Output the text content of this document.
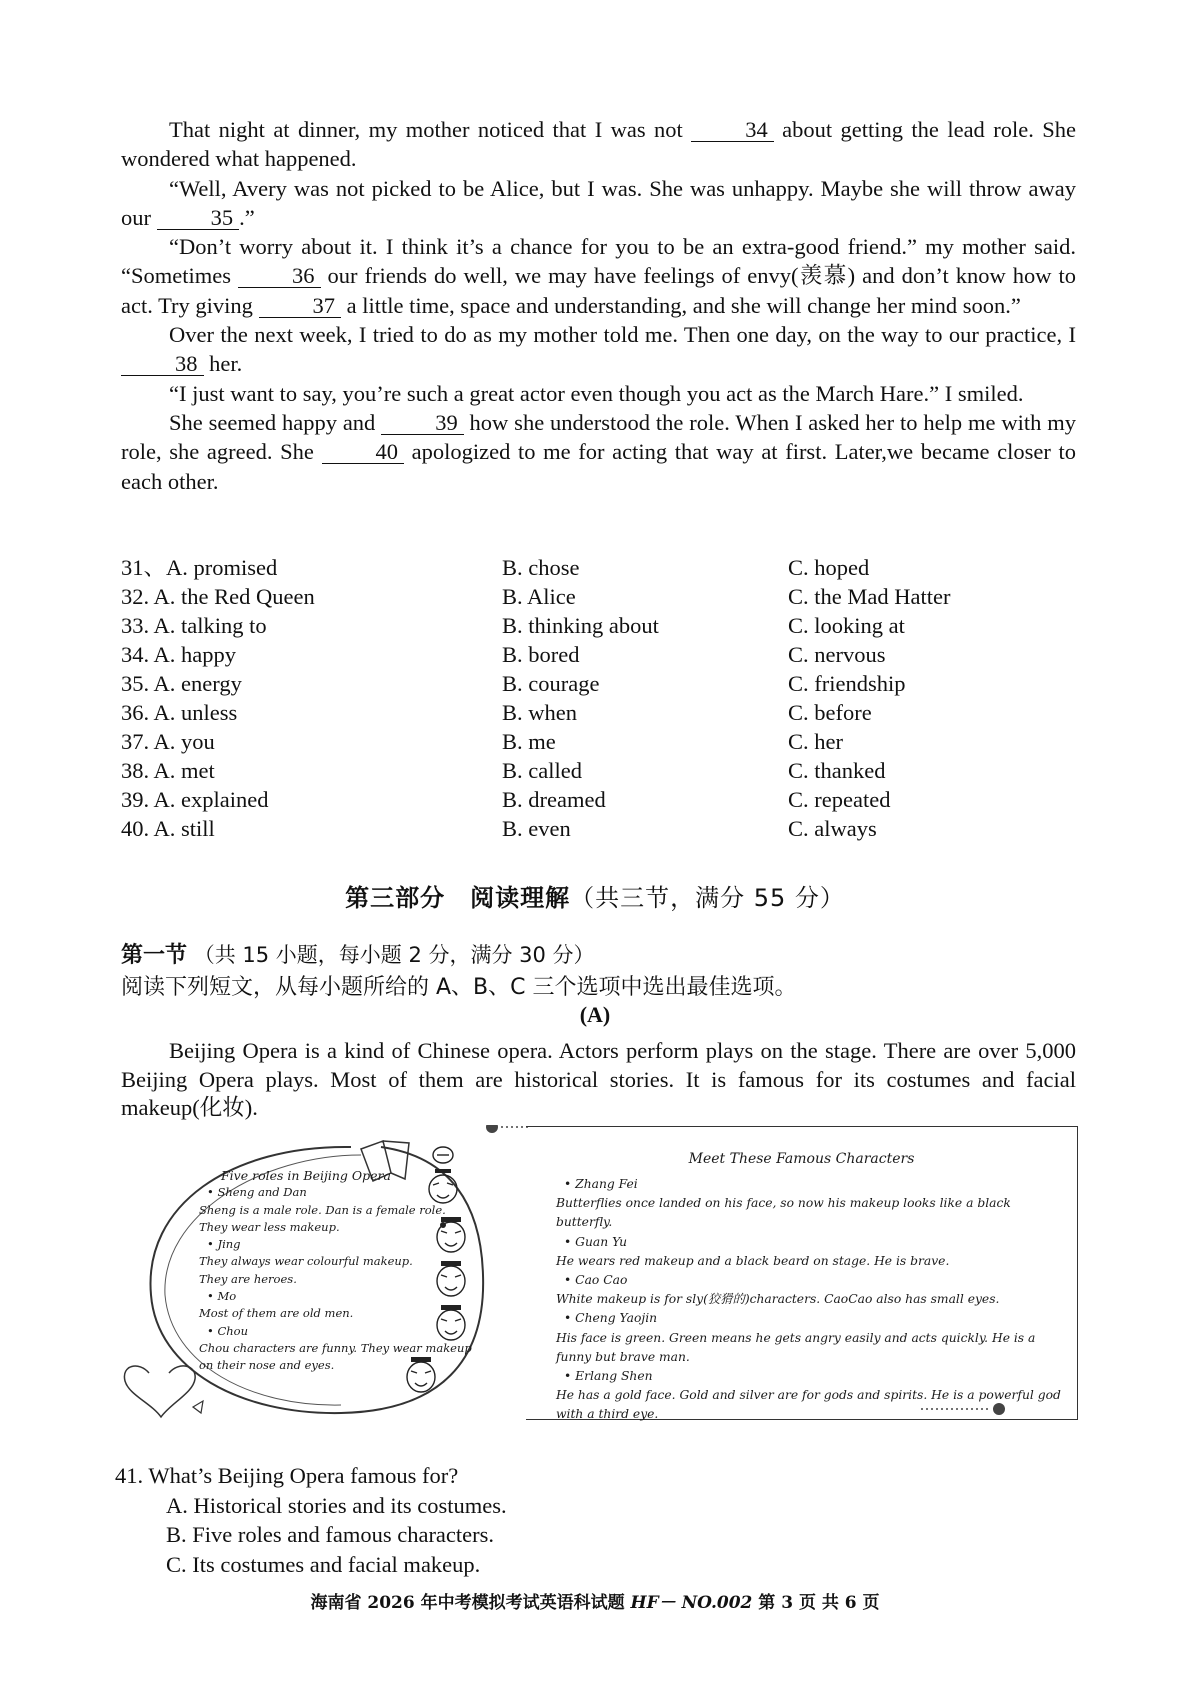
That night at dinner, my mother noticed that I was not 34 about getting the lead role. She wondered what happened.

“Well, Avery was not picked to be Alice, but I was. She was unhappy. Maybe she will throw away our 35 .”

“Don’t worry about it. I think it’s a chance for you to be an extra-good friend.” my mother said. “Sometimes 36 our friends do well, we may have feelings of envy(羡慕) and don’t know how to act. Try giving 37 a little time, space and understanding, and she will change her mind soon.”

Over the next week, I tried to do as my mother told me. Then one day, on the way to our practice, I 38 her.

“I just want to say, you’re such a great actor even though you act as the March Hare.” I smiled.

She seemed happy and 39 how she understood the role. When I asked her to help me with my role, she agreed. She 40 apologized to me for acting that way at first. Later,we became closer to each other.

31、A. promised	B. chose	C. hoped
32. A. the Red Queen	B. Alice	C. the Mad Hatter
33. A. talking to	B. thinking about	C. looking at
34. A. happy	B. bored	C. nervous
35. A. energy	B. courage	C. friendship
36. A. unless	B. when	C. before
37. A. you	B. me	C. her
38. A. met	B. called	C. thanked
39. A. explained	B. dreamed	C. repeated
40. A. still	B. even	C. always
第三部分　阅读理解（共三节，满分 55 分）
第一节 （共 15 小题，每小题 2 分，满分 30 分）
阅读下列短文，从每小题所给的 A、B、C 三个选项中选出最佳选项。
(A)
Beijing Opera is a kind of Chinese opera. Actors perform plays on the stage. There are over 5,000 Beijing Opera plays. Most of them are historical stories. It is famous for its costumes and facial makeup(化妆).
Five roles in Beijing Opera
• Sheng and Dan
Sheng is a male role. Dan is a female role.
They wear less makeup.
• Jing
They always wear colourful makeup.
They are heroes.
• Mo
Most of them are old men.
• Chou
Chou characters are funny. They wear makeup
on their nose and eyes.
Meet These Famous Characters
• Zhang Fei
Butterflies once landed on his face, so now his makeup looks like a black butterfly.
• Guan Yu
He wears red makeup and a black beard on stage. He is brave.
• Cao Cao
White makeup is for sly(狡猾的)characters. CaoCao also has small eyes.
• Cheng Yaojin
His face is green. Green means he gets angry easily and acts quickly. He is a funny but brave man.
• Erlang Shen
He has a gold face. Gold and silver are for gods and spirits. He is a powerful god with a third eye.
41. What’s Beijing Opera famous for?
A. Historical stories and its costumes.
B. Five roles and famous characters.
C. Its costumes and facial makeup.
海南省 2026 年中考模拟考试英语科试题 HF－ NO.002 第 3 页 共 6 页
